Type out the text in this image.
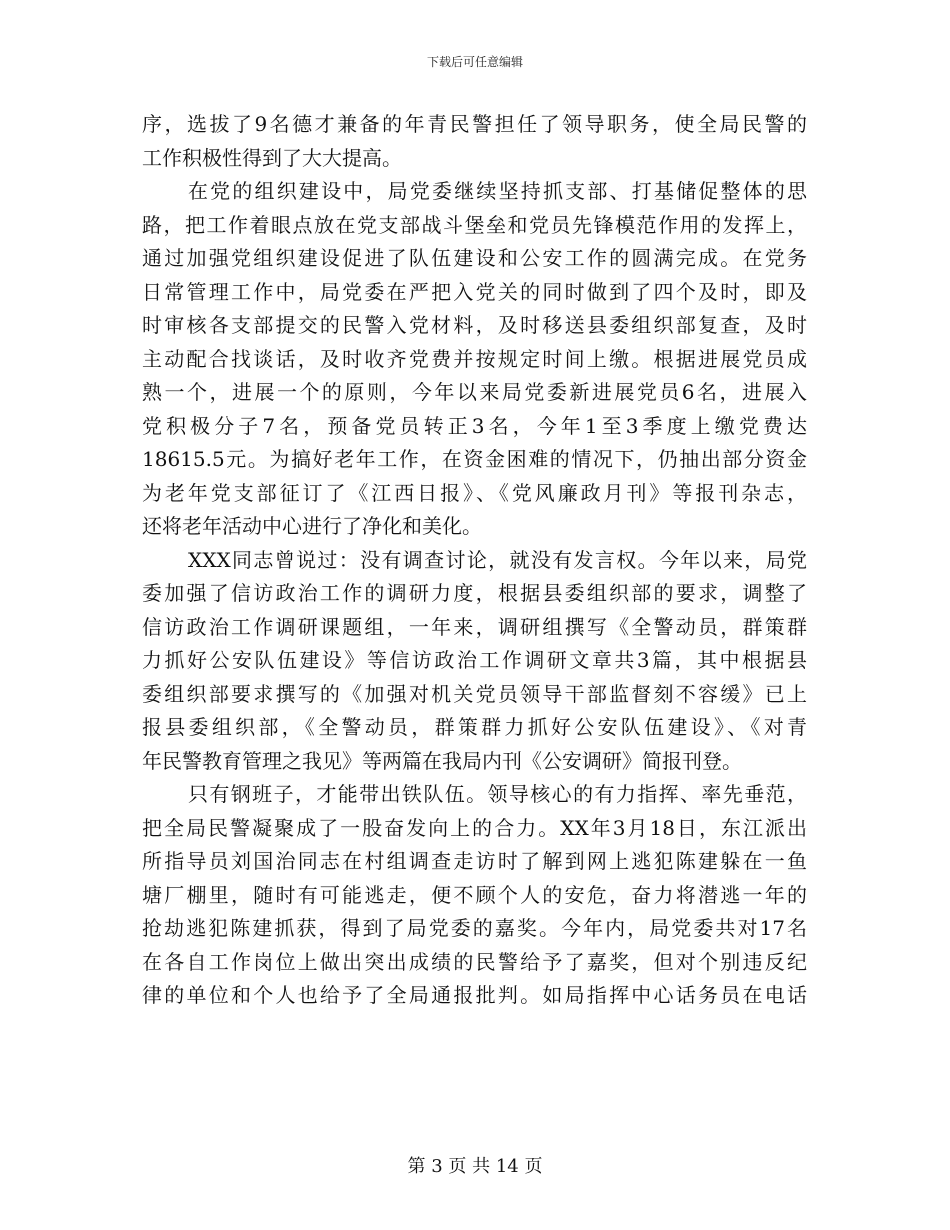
下载后可任意编辑
序，选拔了9名德才兼备的年青民警担任了领导职务，使全局民警的
工作积极性得到了大大提高。
在党的组织建设中，局党委继续坚持抓支部、打基储促整体的思
路，把工作着眼点放在党支部战斗堡垒和党员先锋模范作用的发挥上，
通过加强党组织建设促进了队伍建设和公安工作的圆满完成。在党务
日常管理工作中，局党委在严把入党关的同时做到了四个及时，即及
时审核各支部提交的民警入党材料，及时移送县委组织部复查，及时
主动配合找谈话，及时收齐党费并按规定时间上缴。根据进展党员成
熟一个，进展一个的原则，今年以来局党委新进展党员6名，进展入
党积极分子7名，预备党员转正3名，今年1至3季度上缴党费达
18615.5元。为搞好老年工作，在资金困难的情况下，仍抽出部分资金
为老年党支部征订了《江西日报》、《党风廉政月刊》等报刊杂志，
还将老年活动中心进行了净化和美化。
XXX同志曾说过：没有调查讨论，就没有发言权。今年以来，局党
委加强了信访政治工作的调研力度，根据县委组织部的要求，调整了
信访政治工作调研课题组，一年来，调研组撰写《全警动员，群策群
力抓好公安队伍建设》等信访政治工作调研文章共3篇，其中根据县
委组织部要求撰写的《加强对机关党员领导干部监督刻不容缓》已上
报县委组织部，《全警动员，群策群力抓好公安队伍建设》、《对青
年民警教育管理之我见》等两篇在我局内刊《公安调研》简报刊登。
只有钢班子，才能带出铁队伍。领导核心的有力指挥、率先垂范，
把全局民警凝聚成了一股奋发向上的合力。XX年3月18日，东江派出
所指导员刘国治同志在村组调查走访时了解到网上逃犯陈建躲在一鱼
塘厂棚里，随时有可能逃走，便不顾个人的安危，奋力将潜逃一年的
抢劫逃犯陈建抓获，得到了局党委的嘉奖。今年内，局党委共对17名
在各自工作岗位上做出突出成绩的民警给予了嘉奖，但对个别违反纪
律的单位和个人也给予了全局通报批判。如局指挥中心话务员在电话
第 3 页 共 14 页
